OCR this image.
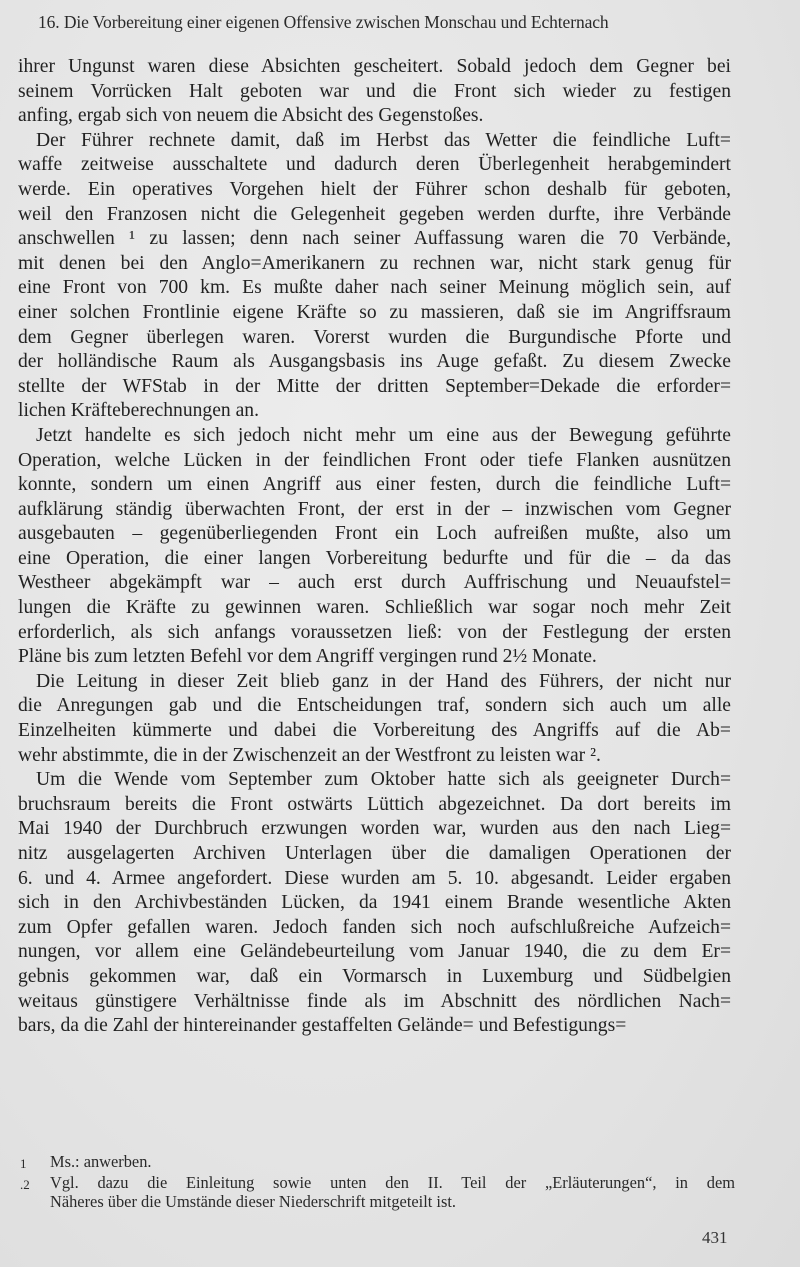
16. Die Vorbereitung einer eigenen Offensive zwischen Monschau und Echternach

ihrer Ungunst waren diese Absichten gescheitert. Sobald jedoch dem Gegner bei
seinem Vorrücken Halt geboten war und die Front sich wieder zu festigen
anfing, ergab sich von neuem die Absicht des Gegenstoßes.

Der Führer rechnete damit, daß im Herbst das Wetter die feindliche Luft=
waffe zeitweise ausschaltete und dadurch deren Überlegenheit herabgemindert
werde. Ein operatives Vorgehen hielt der Führer schon deshalb für geboten,
weil den Franzosen nicht die Gelegenheit gegeben werden durfte, ihre Verbände
anschwellen ¹ zu lassen; denn nach seiner Auffassung waren die 70 Verbände,
mit denen bei den Anglo=Amerikanern zu rechnen war, nicht stark genug für
eine Front von 700 km. Es mußte daher nach seiner Meinung möglich sein, auf
einer solchen Frontlinie eigene Kräfte so zu massieren, daß sie im Angriffsraum
dem Gegner überlegen waren. Vorerst wurden die Burgundische Pforte und
der holländische Raum als Ausgangsbasis ins Auge gefaßt. Zu diesem Zwecke
stellte der WFStab in der Mitte der dritten September=Dekade die erforder=
lichen Kräfteberechnungen an.

Jetzt handelte es sich jedoch nicht mehr um eine aus der Bewegung geführte
Operation, welche Lücken in der feindlichen Front oder tiefe Flanken ausnützen
konnte, sondern um einen Angriff aus einer festen, durch die feindliche Luft=
aufklärung ständig überwachten Front, der erst in der – inzwischen vom Gegner
ausgebauten – gegenüberliegenden Front ein Loch aufreißen mußte, also um
eine Operation, die einer langen Vorbereitung bedurfte und für die – da das
Westheer abgekämpft war – auch erst durch Auffrischung und Neuaufstel=
lungen die Kräfte zu gewinnen waren. Schließlich war sogar noch mehr Zeit
erforderlich, als sich anfangs voraussetzen ließ: von der Festlegung der ersten
Pläne bis zum letzten Befehl vor dem Angriff vergingen rund 2½ Monate.

Die Leitung in dieser Zeit blieb ganz in der Hand des Führers, der nicht nur
die Anregungen gab und die Entscheidungen traf, sondern sich auch um alle
Einzelheiten kümmerte und dabei die Vorbereitung des Angriffs auf die Ab=
wehr abstimmte, die in der Zwischenzeit an der Westfront zu leisten war ².

Um die Wende vom September zum Oktober hatte sich als geeigneter Durch=
bruchsraum bereits die Front ostwärts Lüttich abgezeichnet. Da dort bereits im
Mai 1940 der Durchbruch erzwungen worden war, wurden aus den nach Lieg=
nitz ausgelagerten Archiven Unterlagen über die damaligen Operationen der
6. und 4. Armee angefordert. Diese wurden am 5. 10. abgesandt. Leider ergaben
sich in den Archivbeständen Lücken, da 1941 einem Brande wesentliche Akten
zum Opfer gefallen waren. Jedoch fanden sich noch aufschlußreiche Aufzeich=
nungen, vor allem eine Geländebeurteilung vom Januar 1940, die zu dem Er=
gebnis gekommen war, daß ein Vormarsch in Luxemburg und Südbelgien
weitaus günstigere Verhältnisse finde als im Abschnitt des nördlichen Nach=
bars, da die Zahl der hintereinander gestaffelten Gelände= und Befestigungs=

1	Ms.: anwerben.
.2	Vgl. dazu die Einleitung sowie unten den II. Teil der „Erläuterungen“, in dem
Näheres über die Umstände dieser Niederschrift mitgeteilt ist.
431
